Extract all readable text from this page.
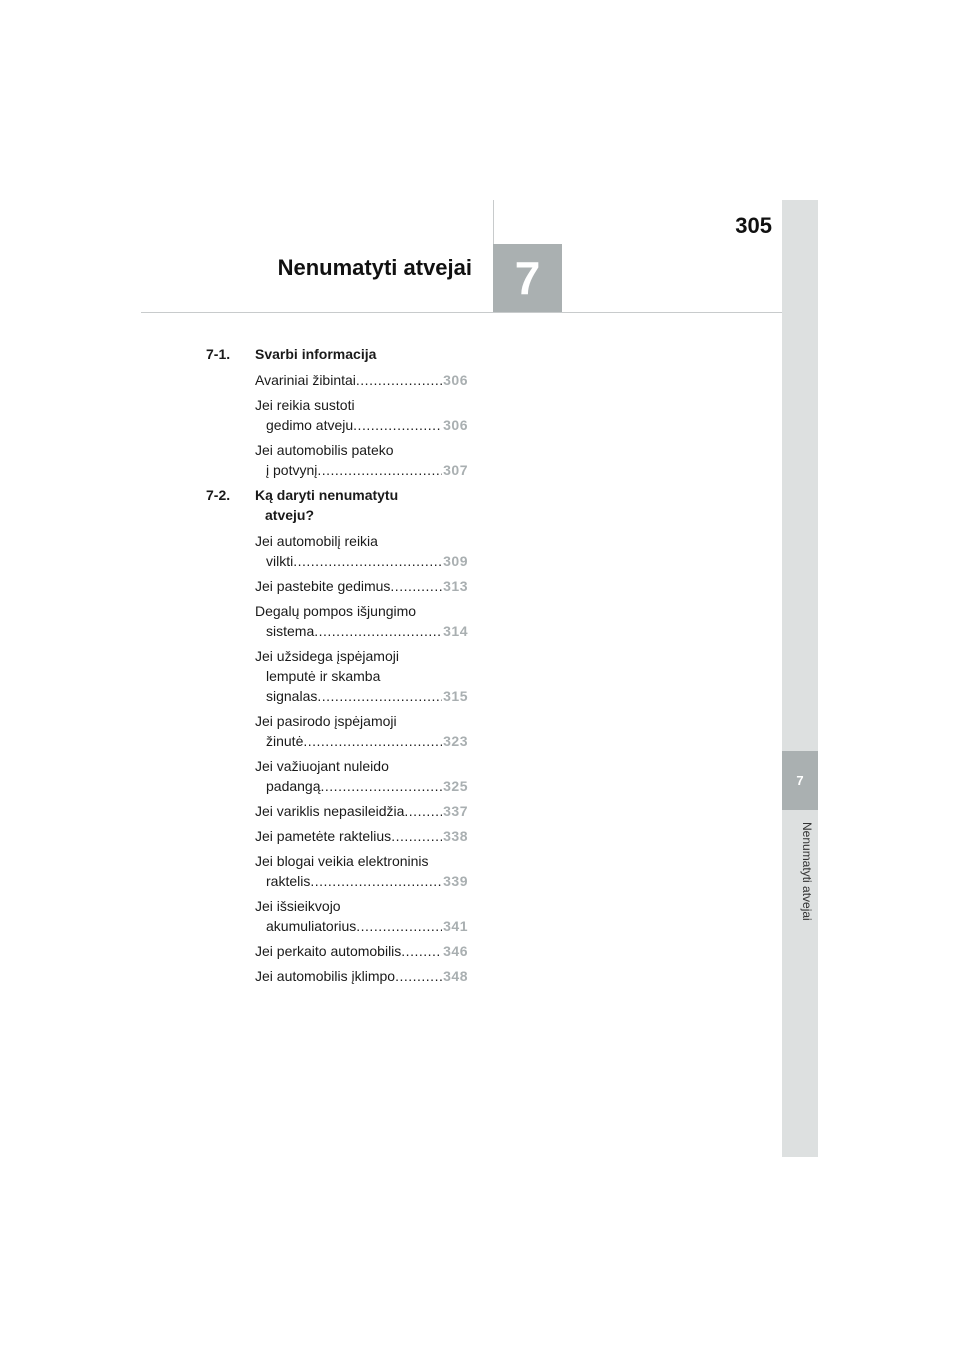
305
Nenumatyti atvejai 7
7
Nenumatyti atvejai
7-1. Svarbi informacija
Avariniai žibintai .....	306
Jei reikia sustoti
gedimo atveju .....	306
Jei automobilis pateko
į potvynį .....	307
7-2. Ką daryti nenumatytu
atveju?
Jei automobilį reikia
vilkti .....	309
Jei pastebite gedimus .....	313
Degalų pompos išjungimo
sistema .....	314
Jei užsidega įspėjamoji
lemputė ir skamba
signalas .....	315
Jei pasirodo įspėjamoji
žinutė .....	323
Jei važiuojant nuleido
padangą .....	325
Jei variklis nepasileidžia .....	337
Jei pametėte raktelius .....	338
Jei blogai veikia elektroninis
raktelis .....	339
Jei išsieikvojo
akumuliatorius .....	341
Jei perkaito automobilis .....	346
Jei automobilis įklimpo .....	348
